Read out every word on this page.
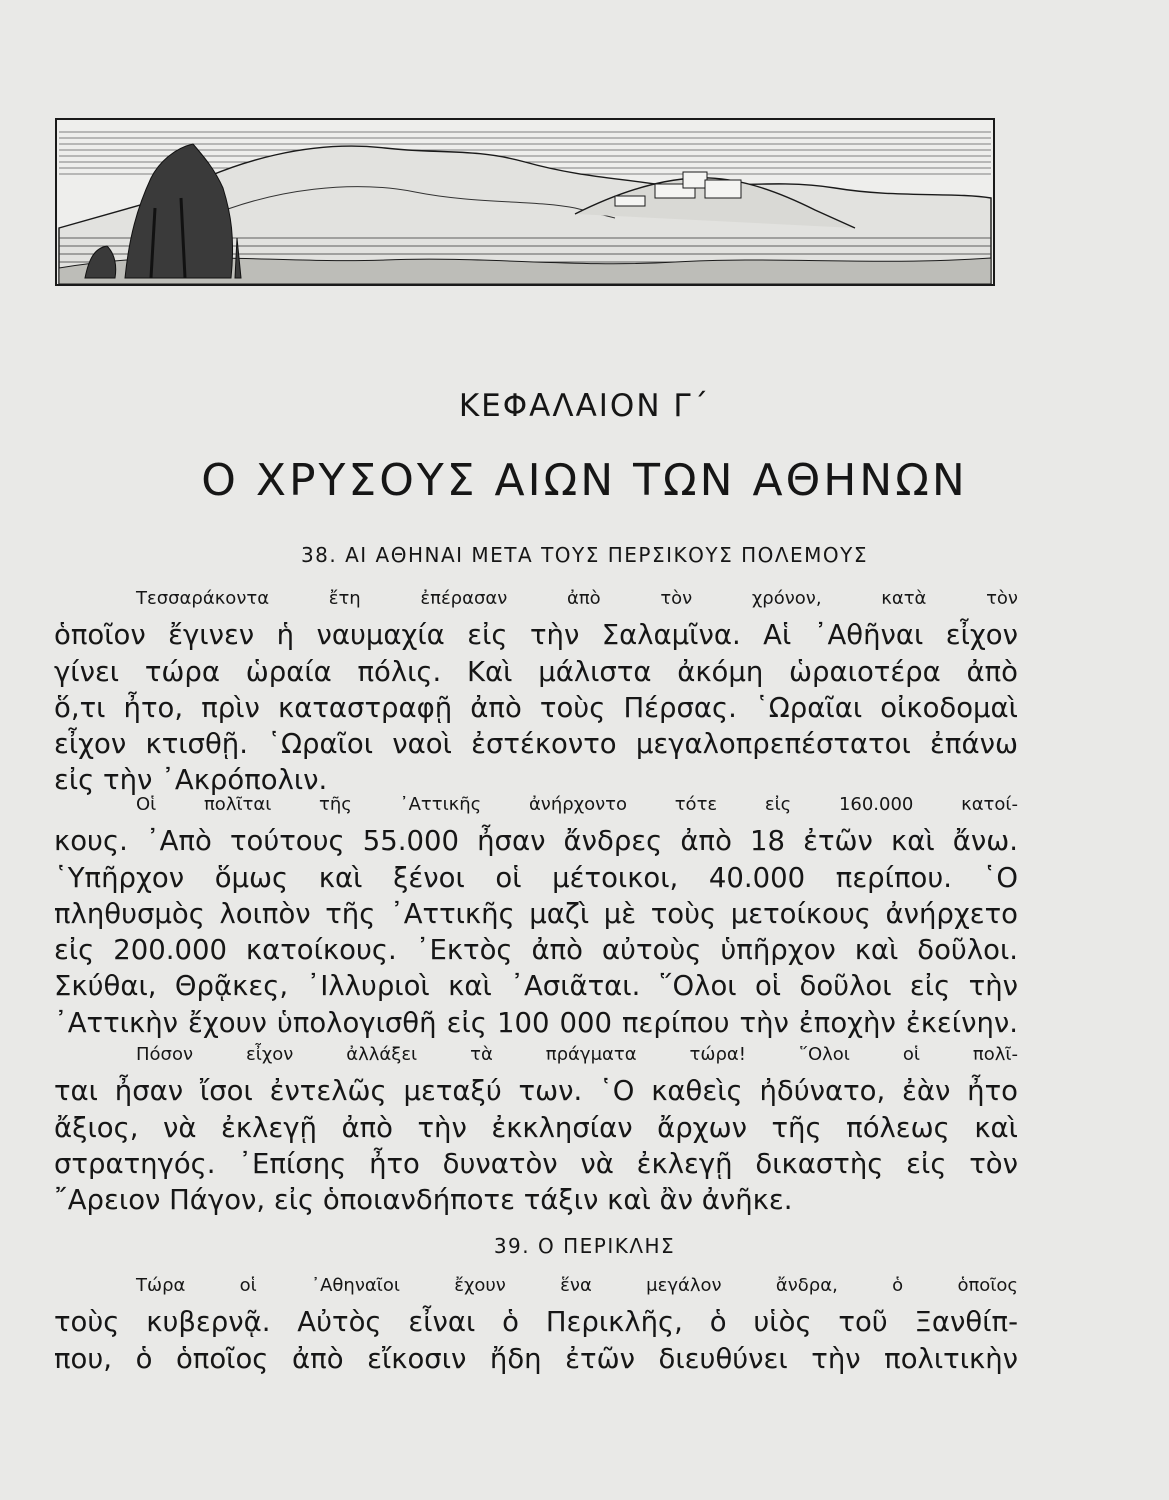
ΚΕΦΑΛΑΙΟΝ Γ΄
Ο ΧΡΥΣΟΥΣ ΑΙΩΝ ΤΩΝ ΑΘΗΝΩΝ
38. ΑΙ ΑΘΗΝΑΙ ΜΕΤΑ ΤΟΥΣ ΠΕΡΣΙΚΟΥΣ ΠΟΛΕΜΟΥΣ

Τεσσαράκοντα ἔτη ἐπέρασαν ἀπὸ τὸν χρόνον, κατὰ τὸν
ὁποῖον ἔγινεν ἡ ναυμαχία εἰς τὴν Σαλαμῖνα. Αἱ ᾿Αθῆναι εἶχον
γίνει τώρα ὡραία πόλις. Καὶ μάλιστα ἀκόμη ὡραιοτέρα ἀπὸ
ὅ,τι ἦτο, πρὶν καταστραφῇ ἀπὸ τοὺς Πέρσας. ῾Ωραῖαι οἰκοδομαὶ
εἶχον κτισθῇ. ῾Ωραῖοι ναοὶ ἐστέκοντο μεγαλοπρεπέστατοι ἐπάνω
εἰς τὴν ᾿Ακρόπολιν.

Οἱ πολῖται τῆς ᾿Αττικῆς ἀνήρχοντο τότε εἰς 160.000 κατοί-
κους. ᾿Απὸ τούτους 55.000 ἦσαν ἄνδρες ἀπὸ 18 ἐτῶν καὶ ἄνω.
῾Υπῆρχον ὅμως καὶ ξένοι οἱ μέτοικοι, 40.000 περίπου. ῾Ο
πληθυσμὸς λοιπὸν τῆς ᾿Αττικῆς μαζὶ μὲ τοὺς μετοίκους ἀνήρχετο
εἰς 200.000 κατοίκους. ᾿Εκτὸς ἀπὸ αὐτοὺς ὑπῆρχον καὶ δοῦλοι.
Σκύθαι, Θρᾷκες, ᾿Ιλλυριοὶ καὶ ᾿Ασιᾶται. ῞Ολοι οἱ δοῦλοι εἰς τὴν
᾿Αττικὴν ἔχουν ὑπολογισθῆ εἰς 100 000 περίπου τὴν ἐποχὴν ἐκείνην.

Πόσον εἶχον ἀλλάξει τὰ πράγματα τώρα! ῞Ολοι οἱ πολῖ-
ται ἦσαν ἴσοι ἐντελῶς μεταξύ των. ῾Ο καθεὶς ἠδύνατο, ἐὰν ἦτο
ἄξιος, νὰ ἐκλεγῇ ἀπὸ τὴν ἐκκλησίαν ἄρχων τῆς πόλεως καὶ
στρατηγός. ᾿Επίσης ἦτο δυνατὸν νὰ ἐκλεγῇ δικαστὴς εἰς τὸν
῎Αρειον Πάγον, εἰς ὁποιανδήποτε τάξιν καὶ ἂν ἀνῆκε.

39. Ο ΠΕΡΙΚΛΗΣ

Τώρα οἱ ᾿Αθηναῖοι ἔχουν ἕνα μεγάλον ἄνδρα, ὁ ὁποῖος
τοὺς κυβερνᾷ. Αὐτὸς εἶναι ὁ Περικλῆς, ὁ υἱὸς τοῦ Ξανθίπ-
που, ὁ ὁποῖος ἀπὸ εἴκοσιν ἤδη ἐτῶν διευθύνει τὴν πολιτικὴν
